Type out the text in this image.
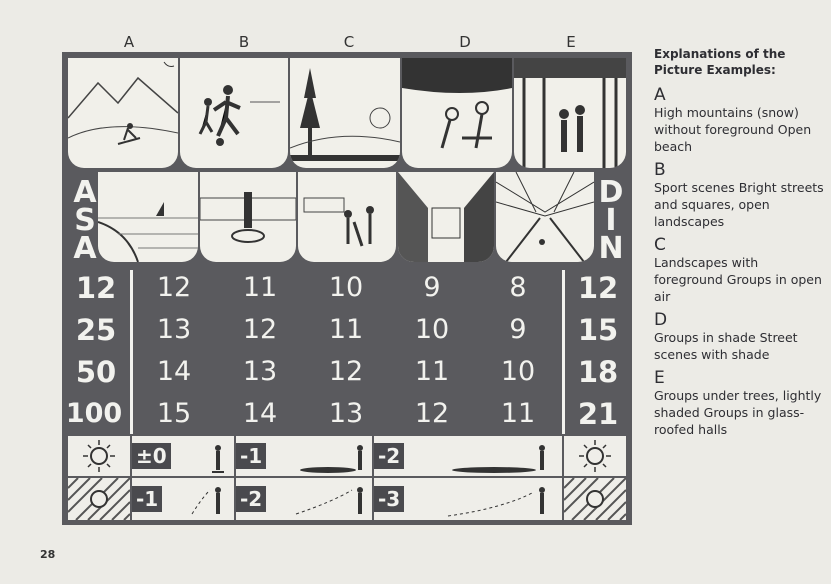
A	B	C	D	E
A
S
A
D
I
N
12	12	11	10	9	8	12
25	13	12	11	10	9	15
50	14	13	12	11	10	18
100	15	14	13	12	11	21
±0	-1	-2
-1	-2	-3
Explanations of the Picture Examples:
A
High mountains (snow) without foreground Open beach
B
Sport scenes Bright streets and squares, open landscapes
C
Landscapes with foreground Groups in open air
D
Groups in shade Street scenes with shade
E
Groups under trees, lightly shaded Groups in glass-roofed halls
28
